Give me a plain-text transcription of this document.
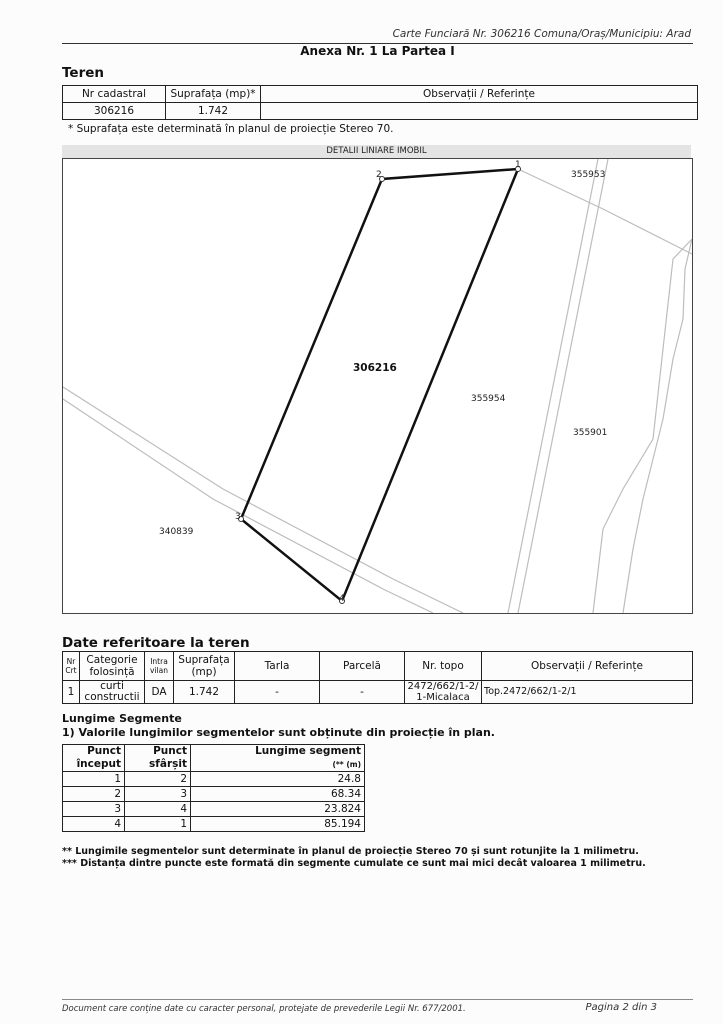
Carte Funciară Nr. 306216 Comuna/Oraș/Municipiu: Arad
Anexa Nr. 1 La Partea I
Teren
Nr cadastral	Suprafața (mp)*	Observații / Referințe
306216	1.742	
* Suprafața este determinată în planul de proiecție Stereo 70.
DETALII LINIARE IMOBIL
1
2
3
4
355953
355954
355901
340839
306216
Date referitoare la teren
Nr Crt	Categorie folosință	Intra vilan	Suprafața (mp)	Tarla	Parcelă	Nr. topo	Observații / Referințe
1	curti constructii	DA	1.742	-	-	2472/662/1-2/1-Micalaca	Top.2472/662/1-2/1
Lungime Segmente
1) Valorile lungimilor segmentelor sunt obținute din proiecție în plan.
Punct început	Punct sfârșit	Lungime segment
(** (m)
1	2	24.8
2	3	68.34
3	4	23.824
4	1	85.194
** Lungimile segmentelor sunt determinate în planul de proiecție Stereo 70 și sunt rotunjite la 1 milimetru.
*** Distanța dintre puncte este formată din segmente cumulate ce sunt mai mici decât valoarea 1 milimetru.
Document care conține date cu caracter personal, protejate de prevederile Legii Nr. 677/2001.	Pagina 2 din 3
